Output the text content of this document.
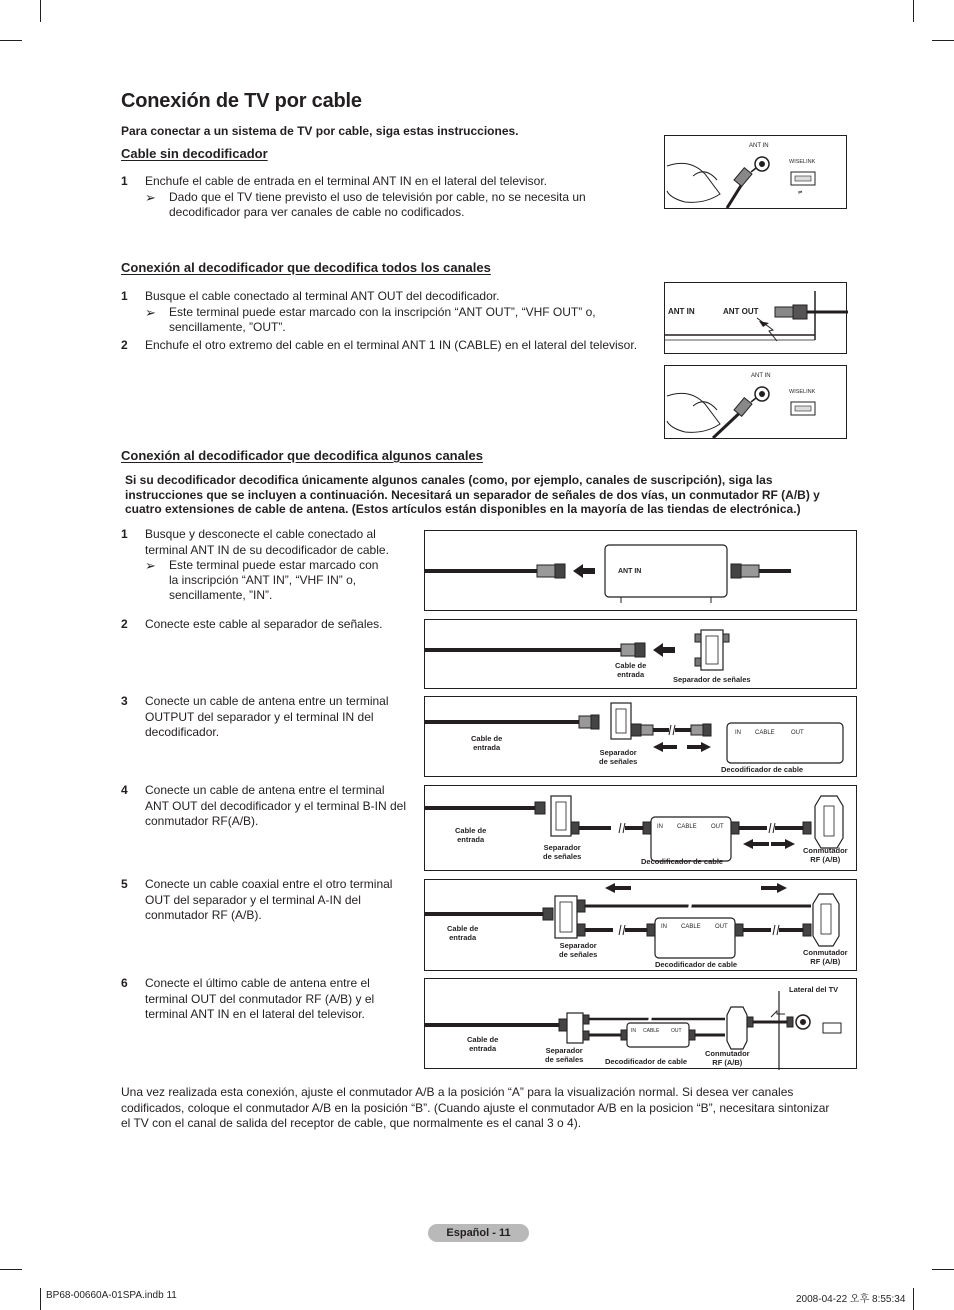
Conexión de TV por cable
Para conectar a un sistema de TV por cable, siga estas instrucciones.
Cable sin decodificador
1 Enchufe el cable de entrada en el terminal ANT IN en el lateral del televisor.
➢ Dado que el TV tiene previsto el uso de televisión por cable, no se necesita un
decodificador para ver canales de cable no codificados.
⇌
ANT IN
WISELINK
Conexión al decodificador que decodifica todos los canales
1 Busque el cable conectado al terminal ANT OUT del decodificador.
➢ Este terminal puede estar marcado con la inscripción “ANT OUT”, “VHF OUT” o,
sencillamente, ”OUT”.
2 Enchufe el otro extremo del cable en el terminal ANT 1 IN (CABLE) en el lateral del televisor.
ANT IN	ANT OUT
ANT IN
WISELINK
Conexión al decodificador que decodifica algunos canales
Si su decodificador decodifica únicamente algunos canales (como, por ejemplo, canales de suscripción), siga las
instrucciones que se incluyen a continuación. Necesitará un separador de señales de dos vías, un conmutador RF (A/B) y
cuatro extensiones de cable de antena. (Estos artículos están disponibles en la mayoría de las tiendas de electrónica.)
1 Busque y desconecte el cable conectado al
terminal ANT IN de su decodificador de cable.
➢ Este terminal puede estar marcado con
la inscripción “ANT IN”, “VHF IN” o,
sencillamente, ”IN”.
ANT IN
2 Conecte este cable al separador de señales.
Cable de
entrada
Separador de señales
3 Conecte un cable de antena entre un terminal
OUTPUT del separador y el terminal IN del
decodificador.	IN CABLE	OUT
Cable de
entrada
Separador
de señales
Decodificador de cable
4 Conecte un cable de antena entre el terminal
ANT OUT del decodificador y el terminal B-IN del
conmutador RF(A/B).	IN CABLE OUT
Cable de
entrada
Separador
de señales
Decodificador de cable
Conmutador
RF (A/B)
5 Conecte un cable coaxial entre el otro terminal
OUT del separador y el terminal A-IN del
conmutador RF (A/B).
IN CABLE OUT
Cable de
entrada
Separador
de señales
Decodificador de cable
Conmutador
RF (A/B)
6 Conecte el último cable de antena entre el
terminal OUT del conmutador RF (A/B) y el
terminal ANT IN en el lateral del televisor.
Lateral del TV
IN CABLE OUT
Cable de
entrada	Separador
de señales	Decodificador de cable
Conmutador
RF (A/B)
Una vez realizada esta conexión, ajuste el conmutador A/B a la posición “A” para la visualización normal. Si desea ver canales
codificados, coloque el conmutador A/B en la posición “B”. (Cuando ajuste el conmutador A/B en la posicion “B”, necesitara sintonizar
el TV con el canal de salida del receptor de cable, que normalmente es el canal 3 o 4).
Español - 11
BP68-00660A-01SPA.indb 11	2008-04-22 오후 8:55:34
